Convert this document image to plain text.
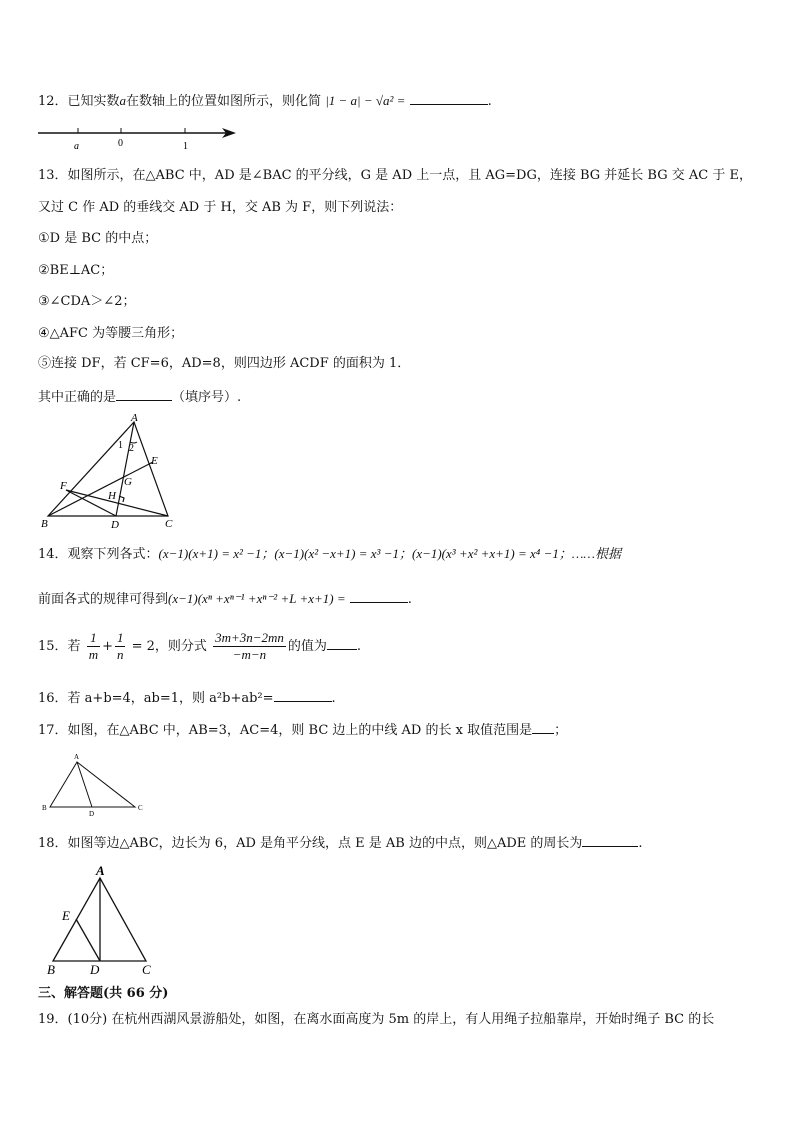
12．已知实数a在数轴上的位置如图所示，则化简 |1 − a| − √a² =	.
a	0	1
13．如图所示，在△ABC 中，AD 是∠BAC 的平分线，G 是 AD 上一点，且 AG=DG，连接 BG 并延长 BG 交 AC 于 E，
又过 C 作 AD 的垂线交 AD 于 H，交 AB 为 F，则下列说法：
①D 是 BC 的中点；
②BE⊥AC；
③∠CDA＞∠2；
④△AFC 为等腰三角形；
⑤连接 DF，若 CF=6，AD=8，则四边形 ACDF 的面积为 1．
其中正确的是	（填序号）.
A
1 2
E
F	G
H
B	D	C
14．观察下列各式：(x−1)(x+1) = x² −1；(x−1)(x² −x+1) = x³ −1；(x−1)(x³ +x² +x+1) = x⁴ −1；……根据
前面各式的规律可得到(x−1)(xⁿ +xⁿ⁻¹ +xⁿ⁻² +L +x+1) =	.
15．若 $\frac{1}{m} + \frac{1}{n} = 2$，则分式 $\frac{3m+3n-2mn}{-m-n}$ 的值为 .
16．若 a+b=4，ab=1，则 a²b+ab²=	.
17．如图，在△ABC 中，AB=3，AC=4，则 BC 边上的中线 AD 的长 x 取值范围是 ；
A
B
D
C
18．如图等边△ABC，边长为 6，AD 是角平分线，点 E 是 AB 边的中点，则△ADE 的周长为	.
A
E
B	D	C
三、解答题(共 66 分)
19．(10分) 在杭州西湖风景游船处，如图，在离水面高度为 5m 的岸上，有人用绳子拉船靠岸，开始时绳子 BC 的长
